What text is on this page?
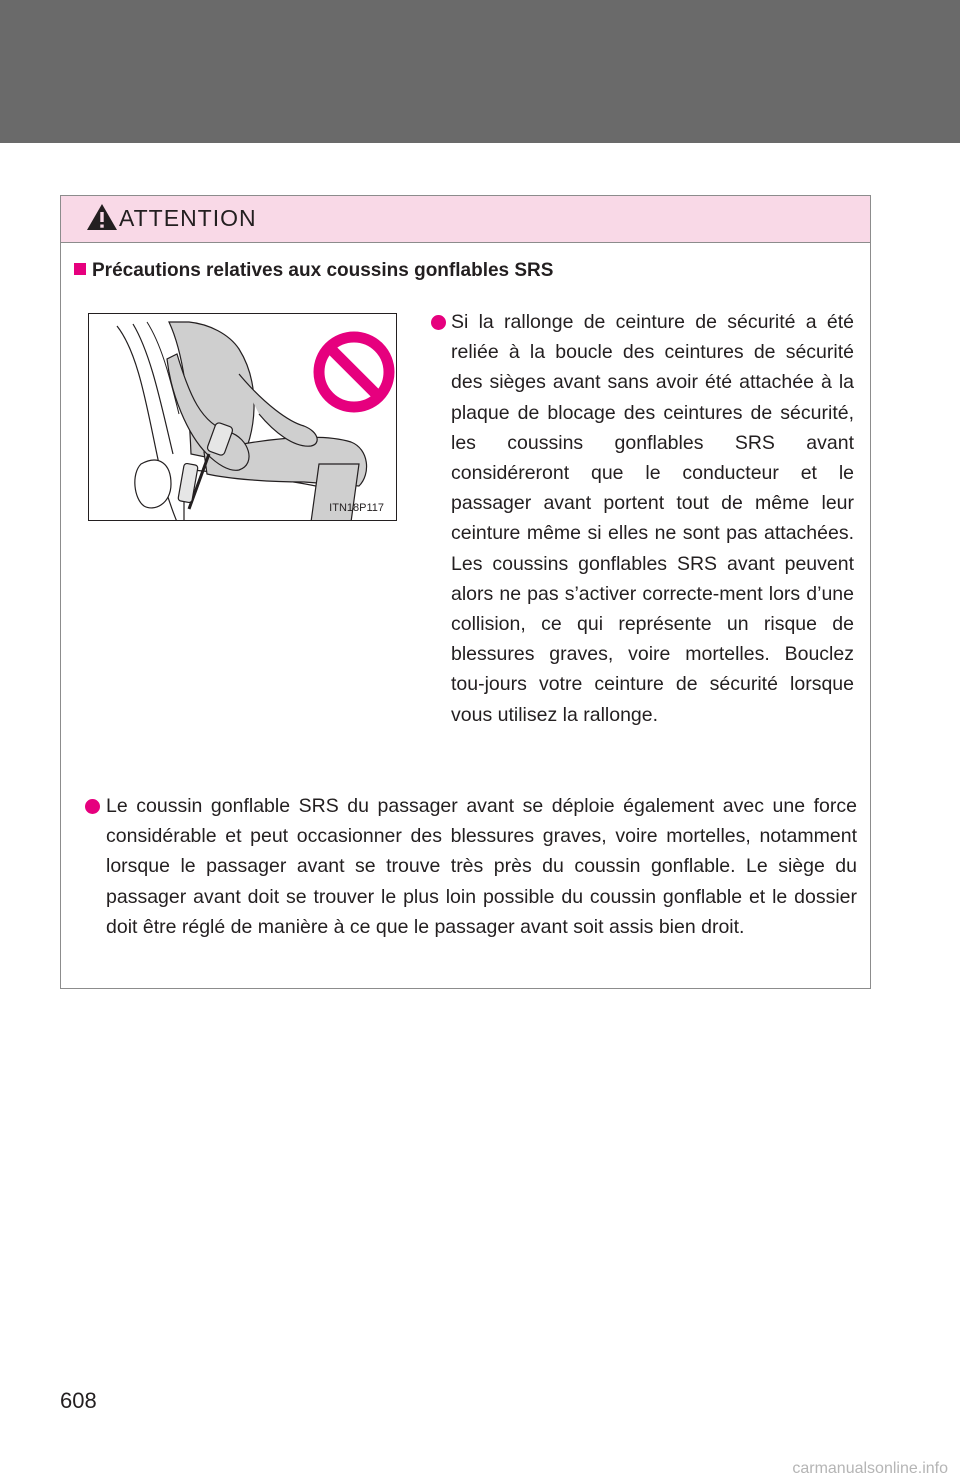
ATTENTION
Précautions relatives aux coussins gonflables SRS
ITN18P117
Si la rallonge de ceinture de sécurité a été reliée à la boucle des ceintures de sécurité des sièges avant sans avoir été attachée à la plaque de blocage des ceintures de sécurité, les coussins gonflables SRS avant considéreront que le conducteur et le passager avant portent tout de même leur ceinture même si elles ne sont pas attachées. Les coussins gonflables SRS avant peuvent alors ne pas s’activer correcte-ment lors d’une collision, ce qui représente un risque de blessures graves, voire mortelles. Bouclez tou-jours votre ceinture de sécurité lorsque vous utilisez la rallonge.
Le coussin gonflable SRS du passager avant se déploie également avec une force considérable et peut occasionner des blessures graves, voire mortelles, notamment lorsque le passager avant se trouve très près du coussin gonflable. Le siège du passager avant doit se trouver le plus loin possible du coussin gonflable et le dossier doit être réglé de manière à ce que le passager avant soit assis bien droit.
608
carmanualsonline.info
